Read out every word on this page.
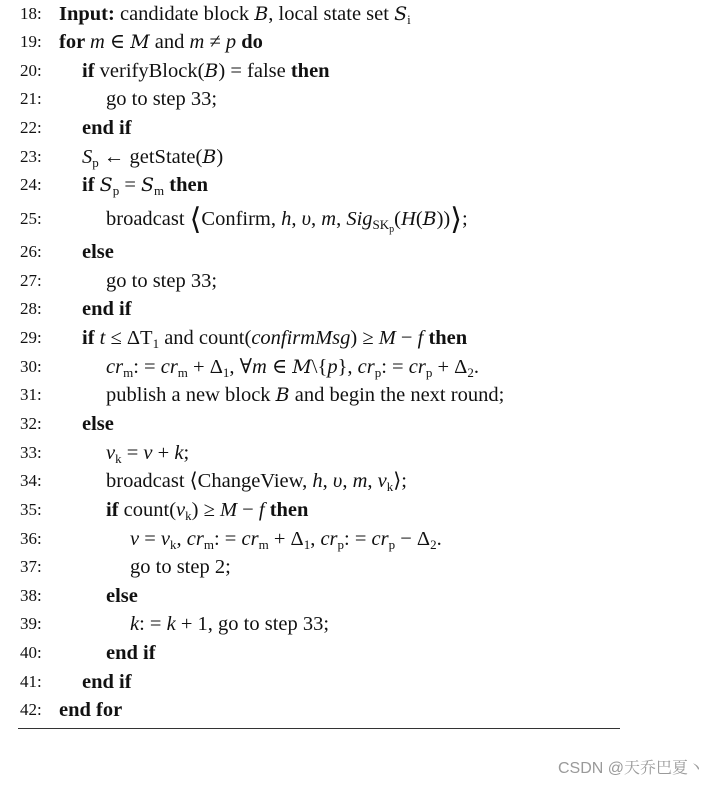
18: Input: candidate block B, local state set $S_i$
19: for m ∈ M and m ≠ p do
20:	if verifyBlock(B) = false then
21:	go to step 33;
22:	end if
23:	$S_p$ ← getState(B)
24:	if $S_p = S_m$ then
25:	broadcast ⟨Confirm, h, υ, m, Sig$_{SK_p}$(H(B))⟩;
26:	else
27:	go to step 33;
28:	end if
29:	if $t \le \Delta T_1$ and count(confirmMsg) ≥ M − f then
30:	$cr_m$: = $cr_m + \Delta_1$, ∀m ∈ M\{p}, $cr_p$: = $cr_p + \Delta_2$.
31:	publish a new block B and begin the next round;
32:	else
33:	$v_k = v + k$;
34:	broadcast ⟨ChangeView, h, υ, m, $v_k⟩$;
35:	if $count(v_k) \ge M - f$ then
36:	$v = v_k$, $cr_m$: = $cr_m + \Delta_1$, $cr_p$: = $cr_p - \Delta_2$.
37:	go to step 2;
38:	else
39:	k: = k + 1, go to step 33;
40:	end if
41:	end if
42: end for
CSDN @天乔巴夏丶
